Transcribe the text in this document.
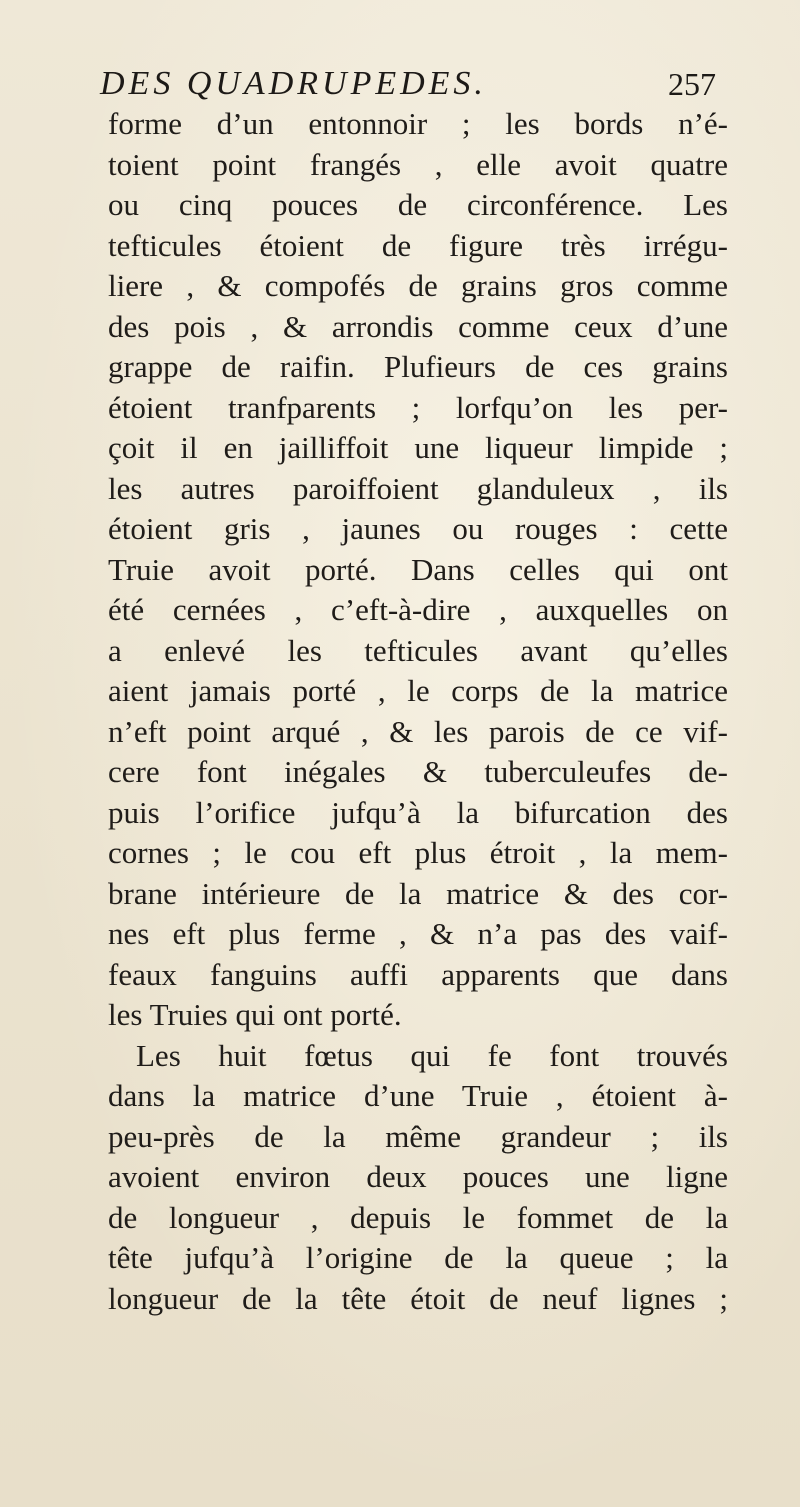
DES QUADRUPEDES.	257
forme d’un entonnoir ; les bords n’é-
toient point frangés , elle avoit quatre
ou cinq pouces de circonférence. Les
tefticules étoient de figure très irrégu-
liere , & compofés de grains gros comme
des pois , & arrondis comme ceux d’une
grappe de raifin. Plufieurs de ces grains
étoient tranfparents ; lorfqu’on les per-
çoit il en jailliffoit une liqueur limpide ;
les autres paroiffoient glanduleux , ils
étoient gris , jaunes ou rouges : cette
Truie avoit porté. Dans celles qui ont
été cernées , c’eft-à-dire , auxquelles on
a enlevé les tefticules avant qu’elles
aient jamais porté , le corps de la matrice
n’eft point arqué , & les parois de ce vif-
cere font inégales & tuberculeufes de-
puis l’orifice jufqu’à la bifurcation des
cornes ; le cou eft plus étroit , la mem-
brane intérieure de la matrice & des cor-
nes eft plus ferme , & n’a pas des vaif-
feaux fanguins auffi apparents que dans
les Truies qui ont porté.
Les huit fœtus qui fe font trouvés
dans la matrice d’une Truie , étoient à-
peu-près de la même grandeur ; ils
avoient environ deux pouces une ligne
de longueur , depuis le fommet de la
tête jufqu’à l’origine de la queue ; la
longueur de la tête étoit de neuf lignes ;
